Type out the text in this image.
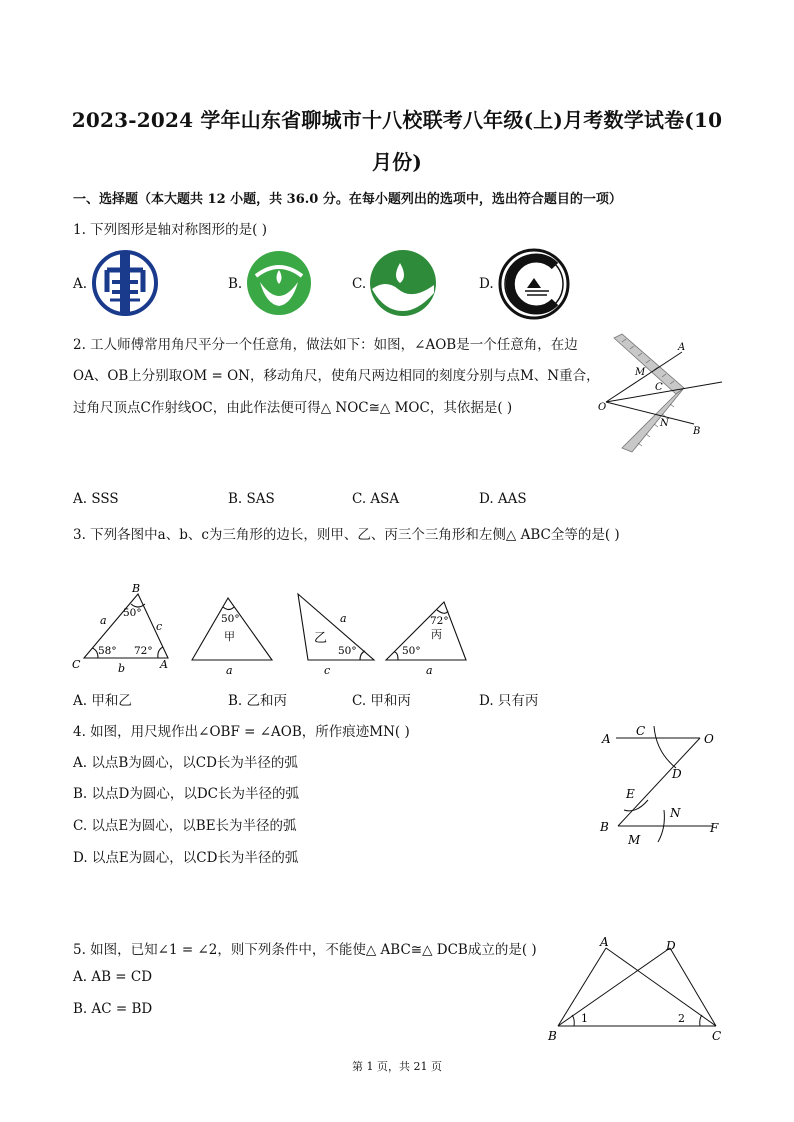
2023-2024 学年山东省聊城市十八校联考八年级(上)月考数学试卷(10
月份)
一、选择题（本大题共 12 小题，共 36.0 分。在每小题列出的选项中，选出符合题目的一项）
1. 下列图形是轴对称图形的是( )
A.	B.	C.	D.
2. 工人师傅常用角尺平分一个任意角，做法如下：如图，∠AOB是一个任意角，在边
OA、OB上分别取OM = ON，移动角尺，使角尺两边相同的刻度分别与点M、N重合，
过角尺顶点C作射线OC，由此作法便可得△ NOC≅△ MOC，其依据是( )
A
M
C
O
N
B
A. SSS	B. SAS	C. ASA	D. AAS
3. 下列各图中a、b、c为三角形的边长，则甲、乙、丙三个三角形和左侧△ ABC全等的是( )
B
a	c
b	A
C
50°
58° 72°
50°
甲
a
乙
a
50°
c
72°
丙
50°
a
A. 甲和乙	B. 乙和丙	C. 甲和丙	D. 只有丙
4. 如图，用尺规作出∠OBF = ∠AOB，所作痕迹MN( )
A. 以点B为圆心，以CD长为半径的弧
B. 以点D为圆心，以DC长为半径的弧
C. 以点E为圆心，以BE长为半径的弧
D. 以点E为圆心，以CD长为半径的弧
A
C
O
D
E
N
B	F
M
5. 如图，已知∠1 = ∠2，则下列条件中，不能使△ ABC≅△ DCB成立的是( )
A. AB = CD
B. AC = BD
A	D
B	C
1	2
第 1 页，共 21 页
